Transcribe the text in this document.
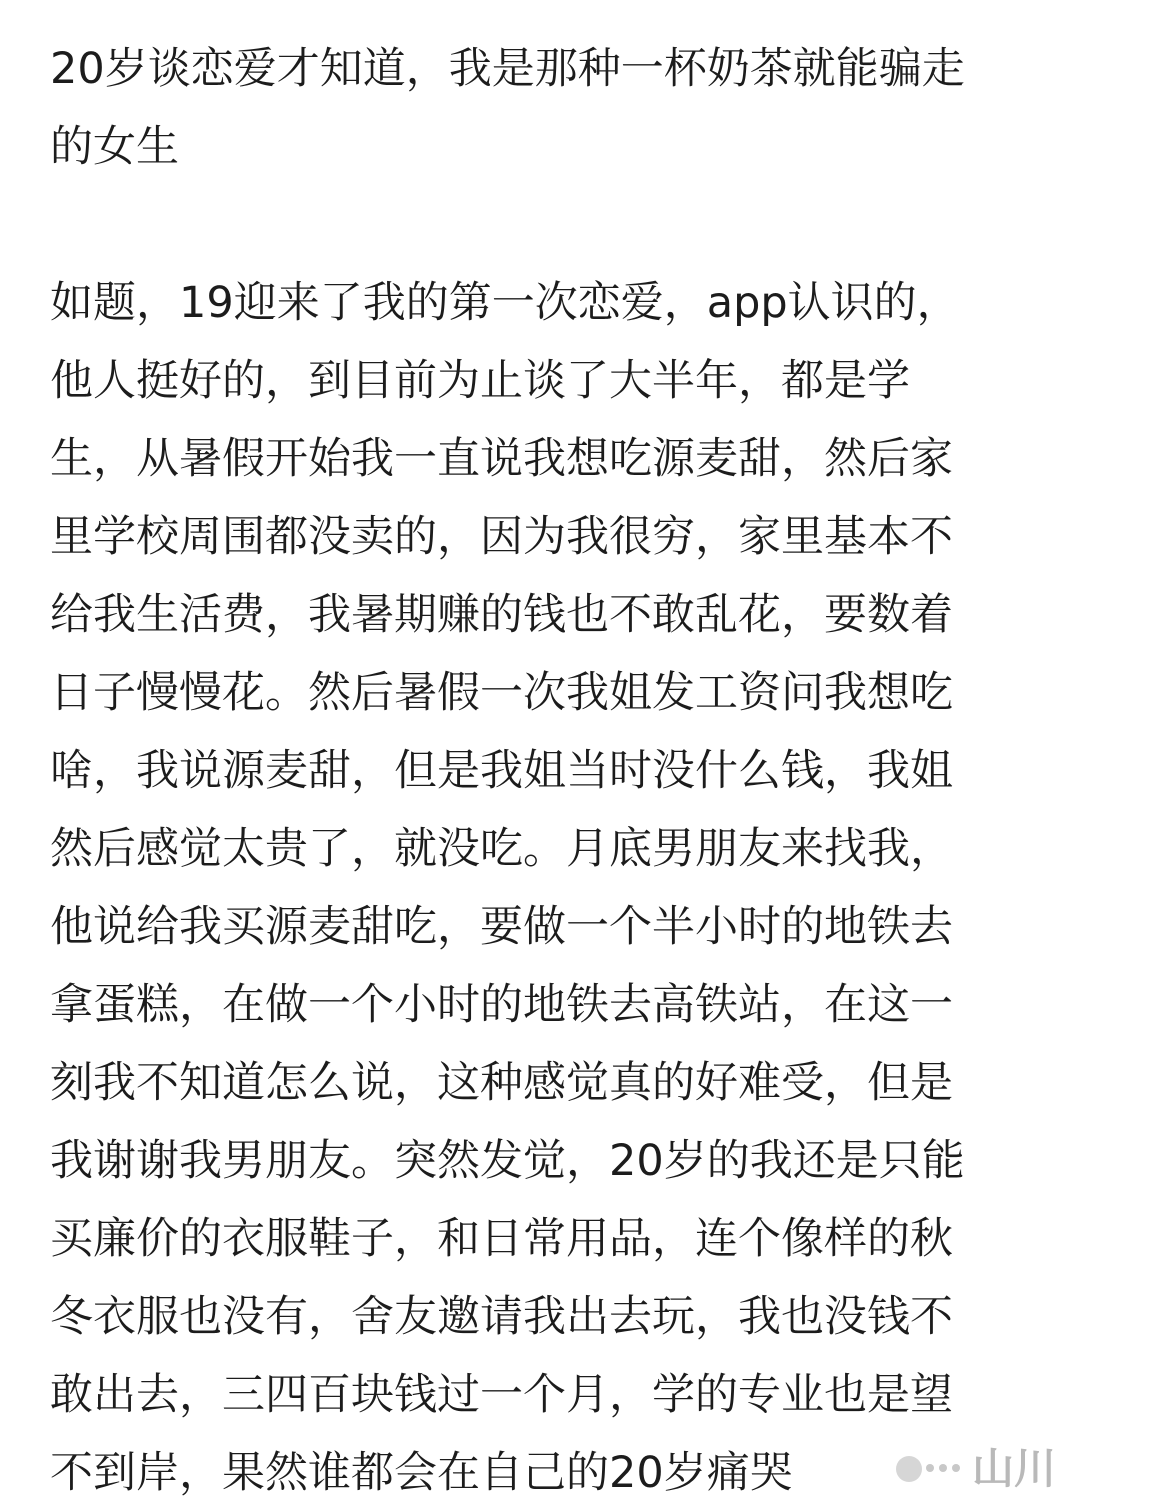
20岁谈恋爱才知道，我是那种一杯奶茶就能骗走
的女生
如题，19迎来了我的第一次恋爱，app认识的，
他人挺好的，到目前为止谈了大半年，都是学
生，从暑假开始我一直说我想吃源麦甜，然后家
里学校周围都没卖的，因为我很穷，家里基本不
给我生活费，我暑期赚的钱也不敢乱花，要数着
日子慢慢花。然后暑假一次我姐发工资问我想吃
啥，我说源麦甜，但是我姐当时没什么钱，我姐
然后感觉太贵了，就没吃。月底男朋友来找我，
他说给我买源麦甜吃，要做一个半小时的地铁去
拿蛋糕，在做一个小时的地铁去高铁站，在这一
刻我不知道怎么说，这种感觉真的好难受，但是
我谢谢我男朋友。突然发觉，20岁的我还是只能
买廉价的衣服鞋子，和日常用品，连个像样的秋
冬衣服也没有，舍友邀请我出去玩，我也没钱不
敢出去，三四百块钱过一个月，学的专业也是望
不到岸，果然谁都会在自己的20岁痛哭	山川
